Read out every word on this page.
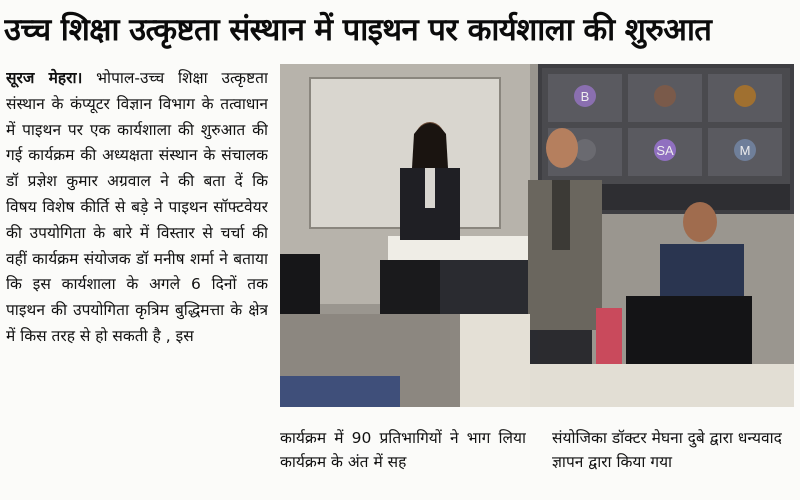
उच्च शिक्षा उत्कृष्टता संस्थान में पाइथन पर कार्यशाला की शुरुआत
सूरज मेहरा। भोपाल-उच्च शिक्षा उत्कृष्टता संस्थान के कंप्यूटर विज्ञान विभाग के तत्वाधान में पाइथन पर एक कार्यशाला की शुरुआत की गई कार्यक्रम की अध्यक्षता संस्थान के संचालक डॉ प्रज्ञेश कुमार अग्रवाल ने की बता दें कि विषय विशेष कीर्ति से बड़े ने पाइथन सॉफ्टवेयर की उपयोगिता के बारे में विस्तार से चर्चा की वहीं कार्यक्रम संयोजक डॉ मनीष शर्मा ने बताया कि इस कार्यशाला के अगले 6 दिनों तक पाइथन की उपयोगिता कृत्रिम बुद्धिमत्ता के क्षेत्र में किस तरह से हो सकती है , इस
B
SA	M
कार्यक्रम में 90 प्रतिभागियों ने भाग लिया कार्यक्रम के अंत में सह
संयोजिका डॉक्टर मेघना दुबे द्वारा धन्यवाद ज्ञापन द्वारा किया गया
